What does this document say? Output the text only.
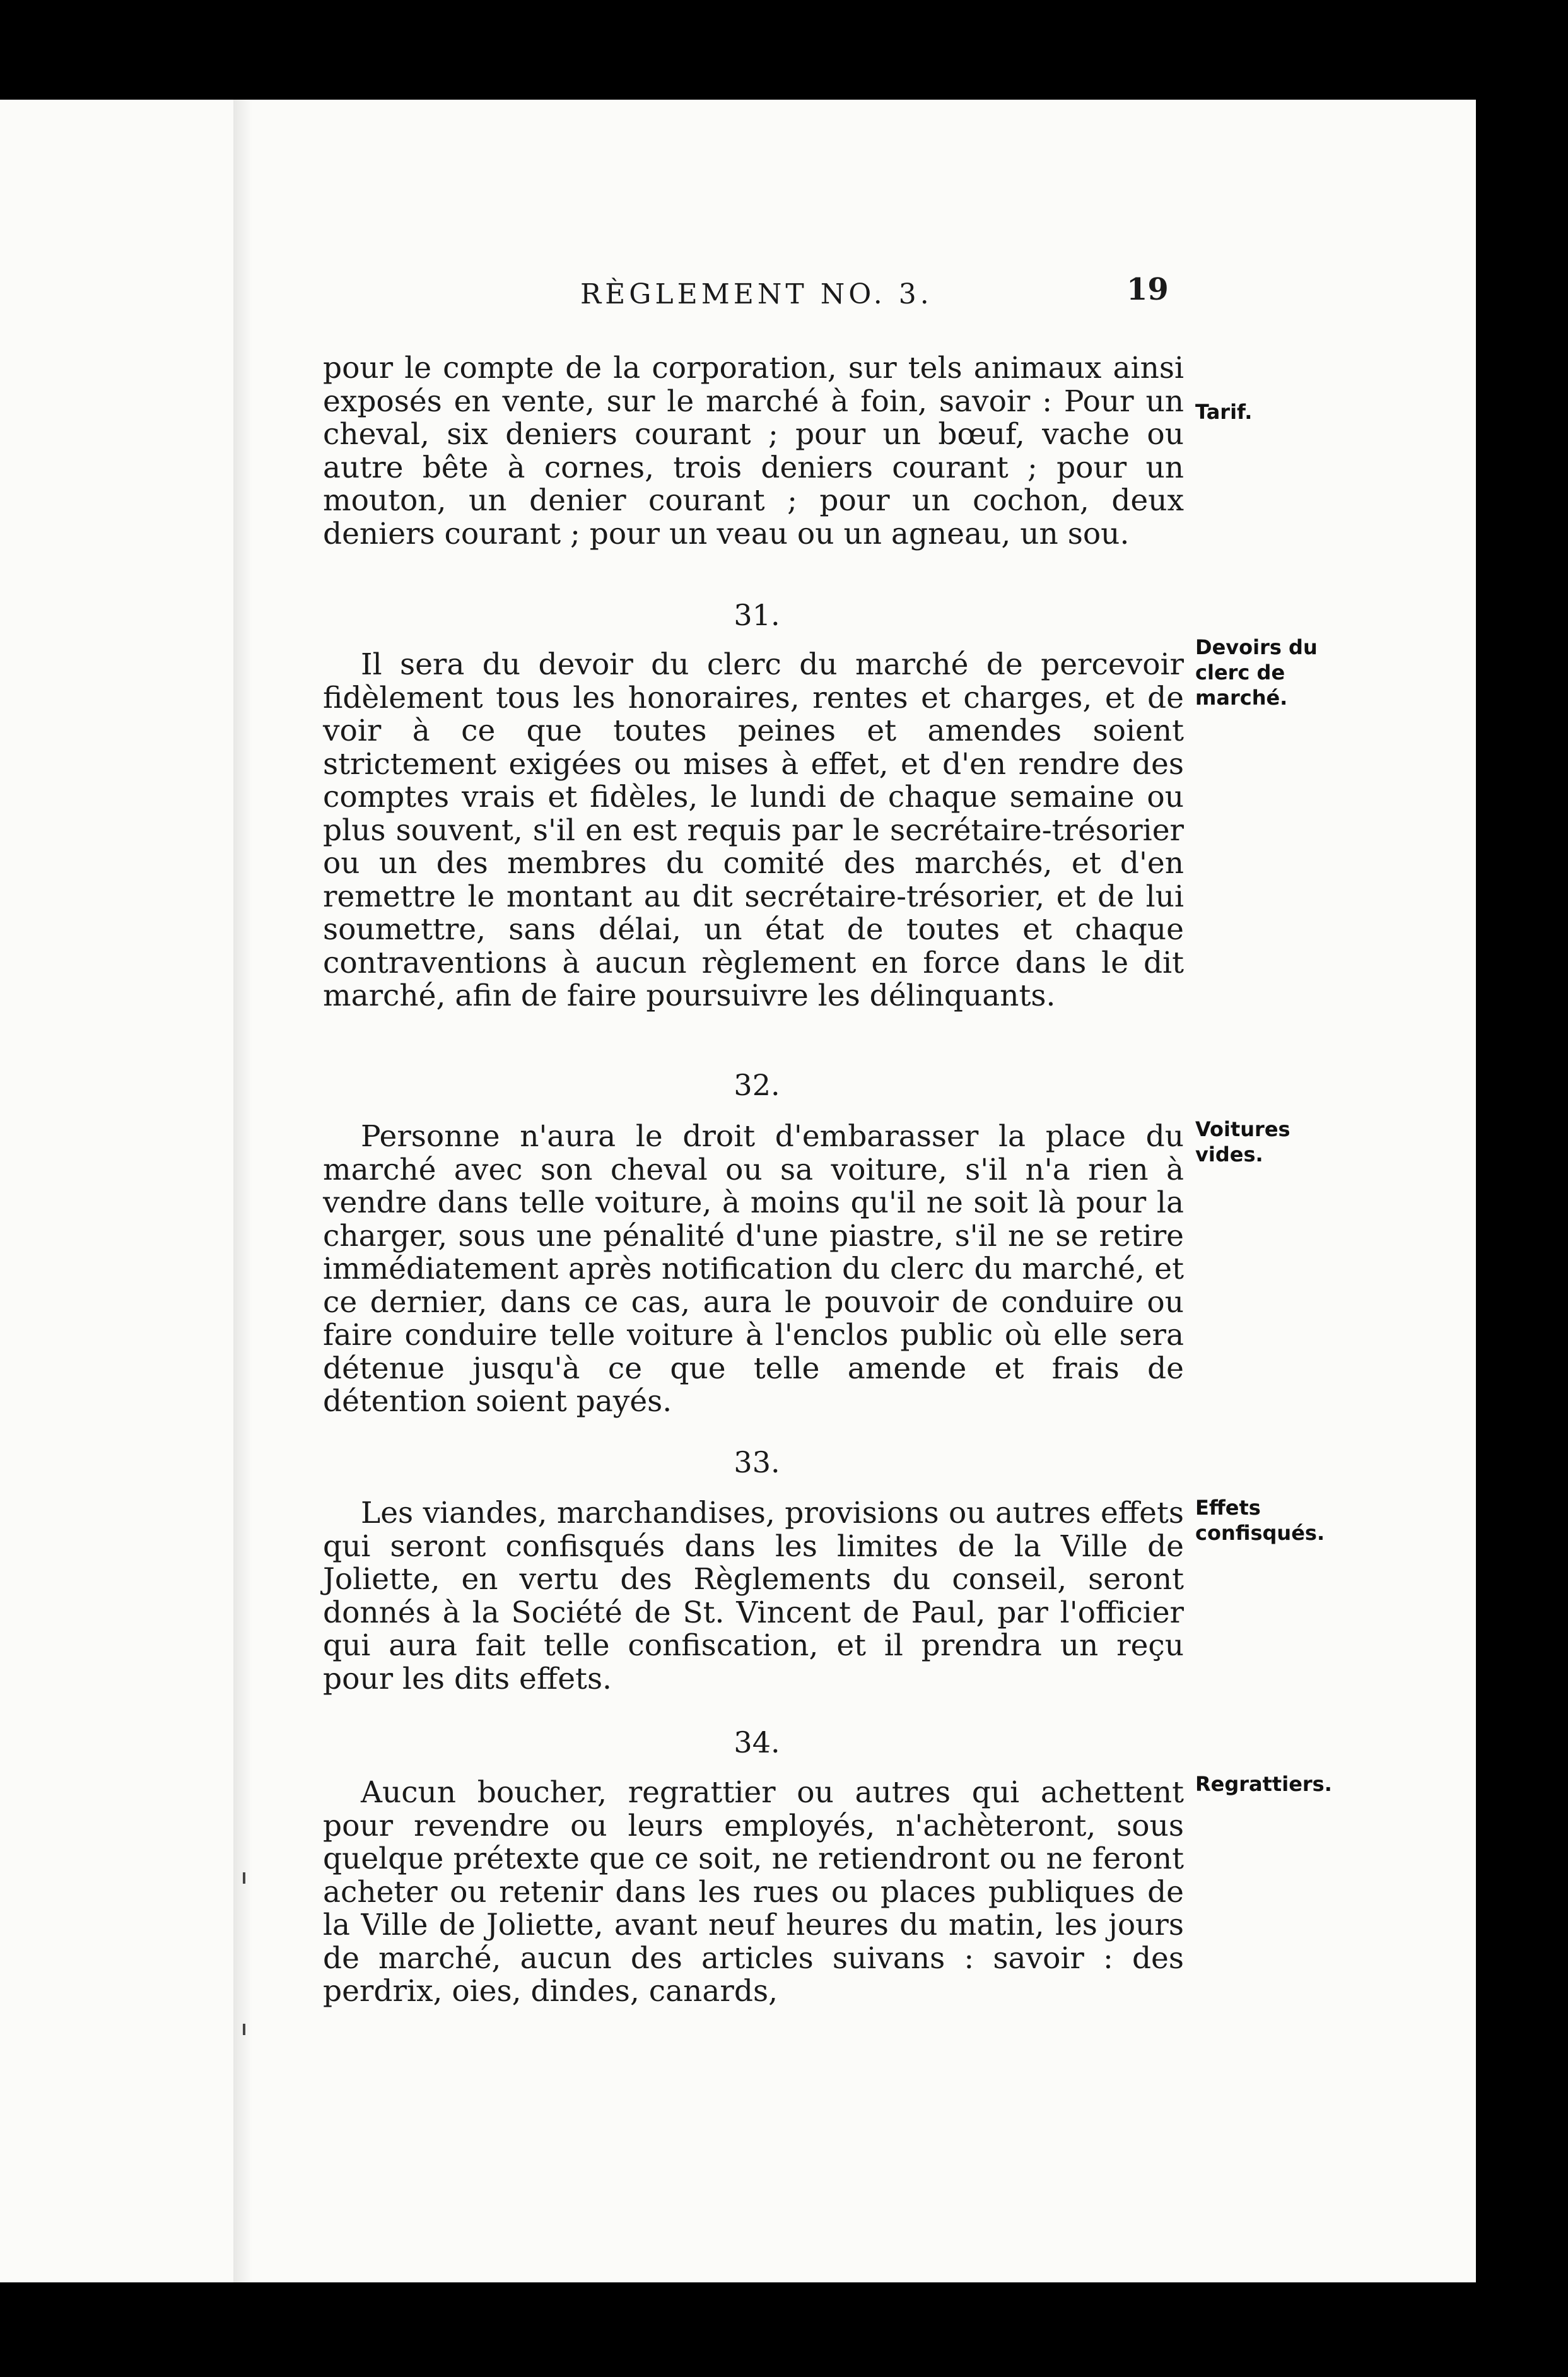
RÈGLEMENT NO. 3.	19

pour le compte de la corporation, sur tels animaux ainsi exposés en vente, sur le marché à foin, savoir : Pour un cheval, six deniers courant ; pour un bœuf, vache ou autre bête à cornes, trois deniers courant ; pour un mouton, un denier courant ; pour un cochon, deux deniers courant ; pour un veau ou un agneau, un sou.

Tarif.
31.

Il sera du devoir du clerc du marché de percevoir fidèlement tous les honoraires, rentes et charges, et de voir à ce que toutes peines et amendes soient strictement exigées ou mises à effet, et d'en rendre des comptes vrais et fidèles, le lundi de chaque semaine ou plus souvent, s'il en est requis par le secrétaire-trésorier ou un des membres du comité des marchés, et d'en remettre le montant au dit secrétaire-trésorier, et de lui soumettre, sans délai, un état de toutes et chaque contraventions à aucun règlement en force dans le dit marché, afin de faire poursuivre les délinquants.

Devoirs du clerc de marché.
32.

Personne n'aura le droit d'embarasser la place du marché avec son cheval ou sa voiture, s'il n'a rien à vendre dans telle voiture, à moins qu'il ne soit là pour la charger, sous une pénalité d'une piastre, s'il ne se retire immédiatement après notification du clerc du marché, et ce dernier, dans ce cas, aura le pouvoir de conduire ou faire conduire telle voiture à l'enclos public où elle sera détenue jusqu'à ce que telle amende et frais de détention soient payés.

Voitures vides.
33.

Les viandes, marchandises, provisions ou autres effets qui seront confisqués dans les limites de la Ville de Joliette, en vertu des Règlements du conseil, seront donnés à la Société de St. Vincent de Paul, par l'officier qui aura fait telle confiscation, et il prendra un reçu pour les dits effets.

Effets confisqués.
34.

Aucun boucher, regrattier ou autres qui achettent pour revendre ou leurs employés, n'achèteront, sous quelque prétexte que ce soit, ne retiendront ou ne feront acheter ou retenir dans les rues ou places publiques de la Ville de Joliette, avant neuf heures du matin, les jours de marché, aucun des articles suivans : savoir : des perdrix, oies, dindes, canards,

Regrattiers.
